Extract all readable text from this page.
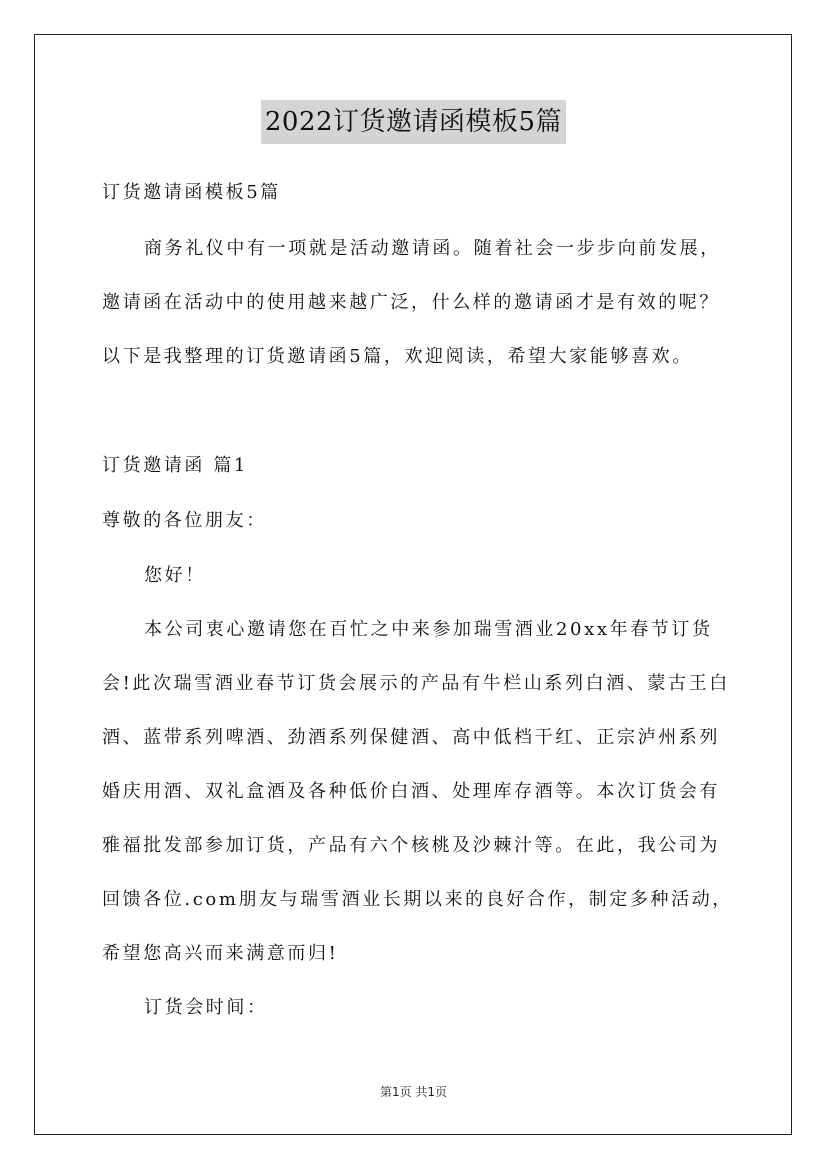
2022订货邀请函模板5篇
订货邀请函模板5篇
商务礼仪中有一项就是活动邀请函。随着社会一步步向前发展，
邀请函在活动中的使用越来越广泛，什么样的邀请函才是有效的呢？
以下是我整理的订货邀请函5篇，欢迎阅读，希望大家能够喜欢。
订货邀请函 篇1
尊敬的各位朋友：
您好！
本公司衷心邀请您在百忙之中来参加瑞雪酒业20xx年春节订货
会!此次瑞雪酒业春节订货会展示的产品有牛栏山系列白酒、蒙古王白
酒、蓝带系列啤酒、劲酒系列保健酒、高中低档干红、正宗泸州系列
婚庆用酒、双礼盒酒及各种低价白酒、处理库存酒等。本次订货会有
雅福批发部参加订货，产品有六个核桃及沙棘汁等。在此，我公司为
回馈各位.com朋友与瑞雪酒业长期以来的良好合作，制定多种活动，
希望您高兴而来满意而归!
订货会时间：
第1页 共1页
